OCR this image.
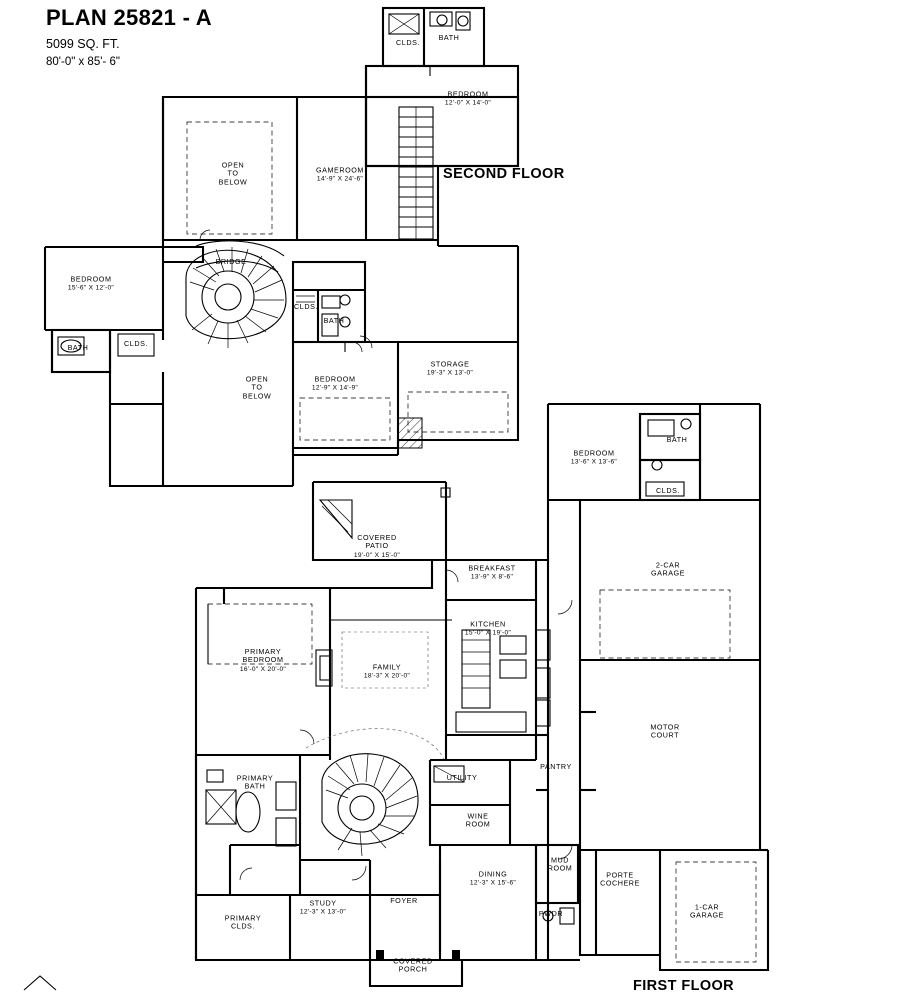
PLAN 25821 - A
5099 SQ. FT.
80'-0" x 85'- 6"
SECOND FLOOR
FIRST FLOOR
CLDS.
BATH
BEDROOM
12'-0" X 14'-0"
OPEN
TO
BELOW
GAMEROOM
14'-9" X 24'-6"
BEDROOM
15'-6" X 12'-0"
BRIDGE
CLDS.
BATH
BATH	CLDS.
STORAGE
19'-3" X 13'-0"
OPEN
TO
BELOW
BEDROOM
12'-9" X 14'-9"
BEDROOM
13'-6" X 13'-6"
BATH
CLDS.
COVERED
PATIO
19'-0" X 15'-0"
BREAKFAST
13'-9" X 8'-6"
2-CAR
GARAGE
KITCHEN
15'-0" X 19'-0"
PRIMARY
BEDROOM
16'-0" X 20'-0"	FAMILY
18'-3" X 20'-0"
MOTOR
COURT
PRIMARY
BATH
UTILITY
PANTRY
WINE
ROOM
MUD
ROOM
DINING
12'-3" X 15'-6"
PORTE
COCHERE
1-CAR
GARAGE
FOYER
PWDR
PRIMARY
CLDS.
STUDY
12'-3" X 13'-0"
COVERED
PORCH
